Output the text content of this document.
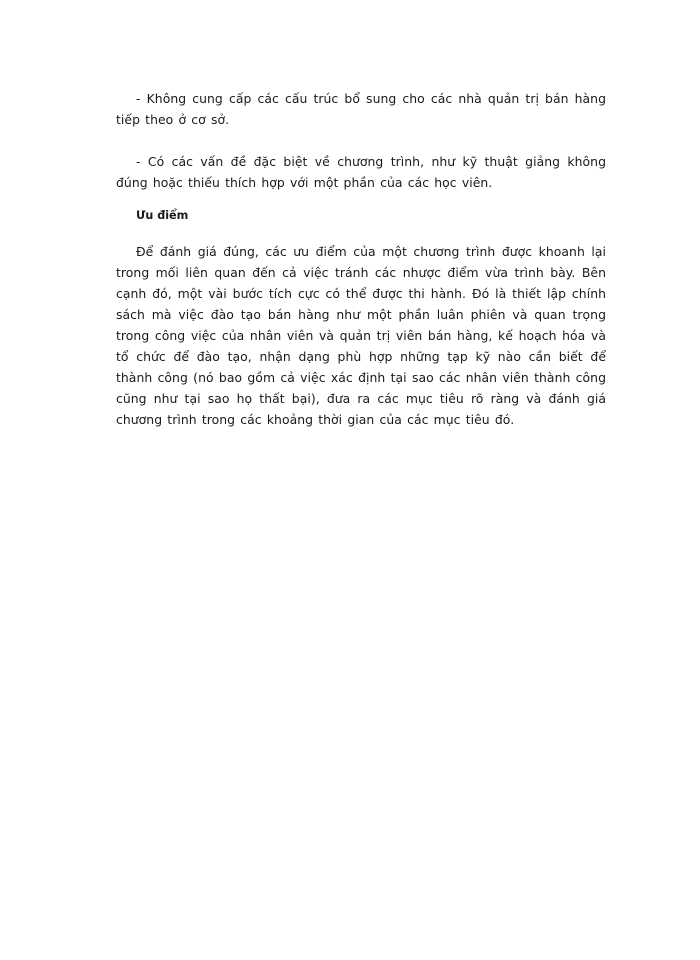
- Không cung cấp các cấu trúc bổ sung cho các nhà quản trị bán hàng tiếp theo ở cơ sở.

- Có các vấn đề đặc biệt về chương trình, như kỹ thuật giảng không đúng hoặc thiếu thích hợp với một phần của các học viên.

Ưu điểm

Để đánh giá đúng, các ưu điểm của một chương trình được khoanh lại trong mối liên quan đến cả việc tránh các nhược điểm vừa trình bày. Bên cạnh đó, một vài bước tích cực có thể được thi hành. Đó là thiết lập chính sách mà việc đào tạo bán hàng như một phần luân phiên và quan trọng trong công việc của nhân viên và quản trị viên bán hàng, kế hoạch hóa và tổ chức để đào tạo, nhận dạng phù hợp những tạp kỹ nào cần biết để thành công (nó bao gồm cả việc xác định tại sao các nhân viên thành công cũng như tại sao họ thất bại), đưa ra các mục tiêu rõ ràng và đánh giá chương trình trong các khoảng thời gian của các mục tiêu đó.
